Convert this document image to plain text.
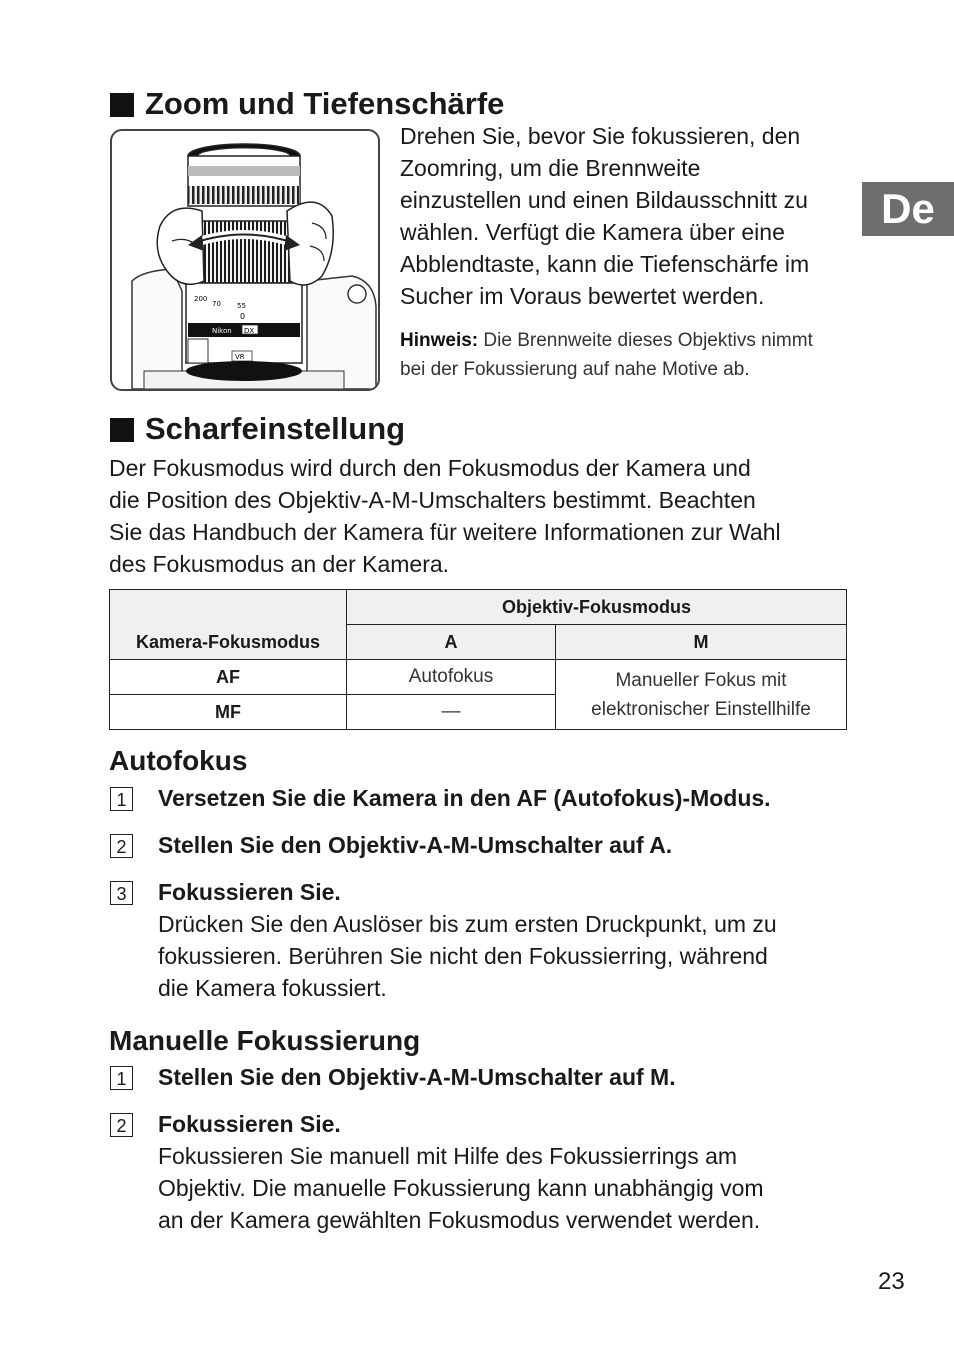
De
Zoom und Tiefenschärfe
200
70 55
0
Nikon DX
VR
Drehen Sie, bevor Sie fokussieren, den
Zoomring, um die Brennweite
einzustellen und einen Bildausschnitt zu
wählen. Verfügt die Kamera über eine
Abblendtaste, kann die Tiefenschärfe im
Sucher im Voraus bewertet werden.
Hinweis: Die Brennweite dieses Objektivs nimmt
bei der Fokussierung auf nahe Motive ab.
Scharfeinstellung
Der Fokusmodus wird durch den Fokusmodus der Kamera und
die Position des Objektiv-A-M-Umschalters bestimmt. Beachten
Sie das Handbuch der Kamera für weitere Informationen zur Wahl
des Fokusmodus an der Kamera.
Kamera-Fokusmodus	Objektiv-Fokusmodus	
	A	M
AF	Autofokus	Manueller Fokus mit
elektronischer Einstellhilfe

MF	—	
Autofokus
1 Versetzen Sie die Kamera in den AF (Autofokus)-Modus.
2 Stellen Sie den Objektiv-A-M-Umschalter auf A.
3 Fokussieren Sie.
Drücken Sie den Auslöser bis zum ersten Druckpunkt, um zu
fokussieren. Berühren Sie nicht den Fokussierring, während
die Kamera fokussiert.
Manuelle Fokussierung
1 Stellen Sie den Objektiv-A-M-Umschalter auf M.
2 Fokussieren Sie.
Fokussieren Sie manuell mit Hilfe des Fokussierrings am
Objektiv. Die manuelle Fokussierung kann unabhängig vom
an der Kamera gewählten Fokusmodus verwendet werden.
23
